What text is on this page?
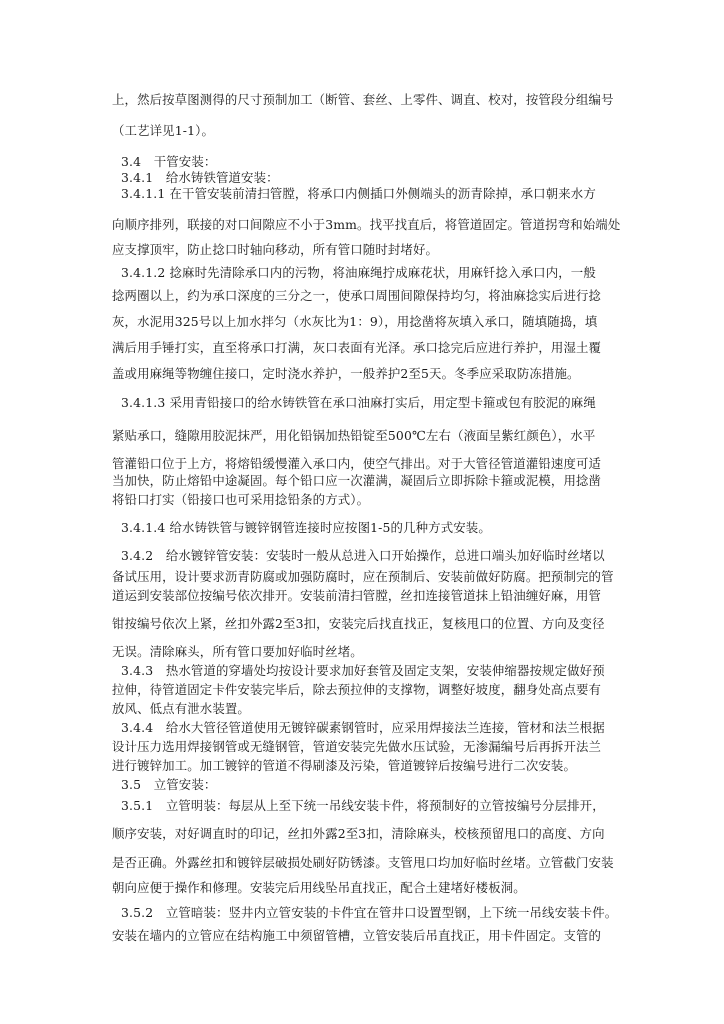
上，然后按草图测得的尺寸预制加工（断管、套丝、上零件、调直、校对，按管段分组编号
（工艺详见1-1）。
3.4　干管安装：
3.4.1　给水铸铁管道安装：
3.4.1.1 在干管安装前清扫管膛，将承口内侧插口外侧端头的沥青除掉，承口朝来水方
向顺序排列，联接的对口间隙应不小于3mm。找平找直后，将管道固定。管道拐弯和始端处
应支撑顶牢，防止捻口时轴向移动，所有管口随时封堵好。
3.4.1.2 捻麻时先清除承口内的污物，将油麻绳拧成麻花状，用麻钎捻入承口内，一般
捻两圈以上，约为承口深度的三分之一，使承口周围间隙保持均匀，将油麻捻实后进行捻
灰，水泥用325号以上加水拌匀（水灰比为1：9），用捻凿将灰填入承口，随填随捣，填
满后用手锤打实，直至将承口打满，灰口表面有光泽。承口捻完后应进行养护，用湿土覆
盖或用麻绳等物缠住接口，定时浇水养护，一般养护2至5天。冬季应采取防冻措施。
3.4.1.3 采用青铅接口的给水铸铁管在承口油麻打实后，用定型卡箍或包有胶泥的麻绳
紧贴承口，缝隙用胶泥抹严，用化铅锅加热铅锭至500℃左右（液面呈紫红颜色），水平
管灌铅口位于上方，将熔铅缓慢灌入承口内，使空气排出。对于大管径管道灌铅速度可适
当加快，防止熔铅中途凝固。每个铅口应一次灌满，凝固后立即拆除卡箍或泥模，用捻凿
将铅口打实（铅接口也可采用捻铅条的方式）。
3.4.1.4 给水铸铁管与镀锌钢管连接时应按图1-5的几种方式安装。
3.4.2　给水镀锌管安装：安装时一般从总进入口开始操作，总进口端头加好临时丝堵以
备试压用，设计要求沥青防腐或加强防腐时，应在预制后、安装前做好防腐。把预制完的管
道运到安装部位按编号依次排开。安装前清扫管膛，丝扣连接管道抹上铅油缠好麻，用管
钳按编号依次上紧，丝扣外露2至3扣，安装完后找直找正，复核甩口的位置、方向及变径
无误。清除麻头，所有管口要加好临时丝堵。
3.4.3　热水管道的穿墙处均按设计要求加好套管及固定支架，安装伸缩器按规定做好预
拉伸，待管道固定卡件安装完毕后，除去预拉伸的支撑物，调整好坡度，翻身处高点要有
放风、低点有泄水装置。
3.4.4　给水大管径管道使用无镀锌碳素钢管时，应采用焊接法兰连接，管材和法兰根据
设计压力选用焊接钢管或无缝钢管，管道安装完先做水压试验，无渗漏编号后再拆开法兰
进行镀锌加工。加工镀锌的管道不得刷漆及污染，管道镀锌后按编号进行二次安装。
3.5　立管安装：
3.5.1　立管明装：每层从上至下统一吊线安装卡件，将预制好的立管按编号分层排开，
顺序安装，对好调直时的印记，丝扣外露2至3扣，清除麻头，校核预留甩口的高度、方向
是否正确。外露丝扣和镀锌层破损处刷好防锈漆。支管甩口均加好临时丝堵。立管截门安装
朝向应便于操作和修理。安装完后用线坠吊直找正，配合土建堵好楼板洞。
3.5.2　立管暗装：竖井内立管安装的卡件宜在管井口设置型钢，上下统一吊线安装卡件。
安装在墙内的立管应在结构施工中须留管槽，立管安装后吊直找正，用卡件固定。支管的
